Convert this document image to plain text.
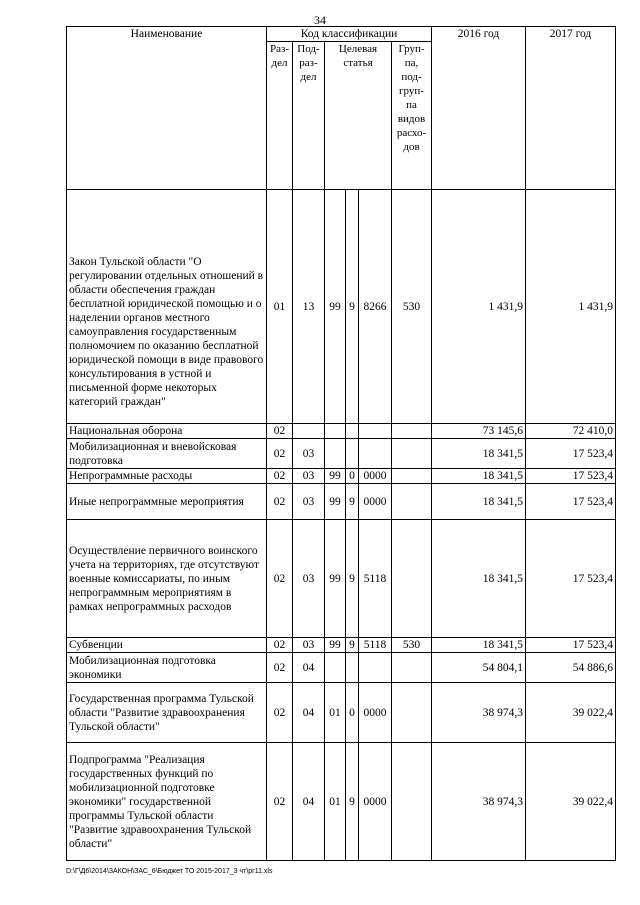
34
Наименование	Код классификации						2016 год	2017 год
	Раз-дел	Под-раз-дел	Целевая статья			Груп-па, под-груп-па видов расхо-дов		
Закон Тульской области "О регулировании отдельных отношений в области обеспечения граждан бесплатной юридической помощью и о наделении органов местного самоуправления государственным полномочием по оказанию бесплатной юридической помощи в виде правового консультирования в устной и письменной форме некоторых категорий граждан"	01	13	99	9	8266	530	1 431,9	1 431,9
Национальная оборона	02						73 145,6	72 410,0
Мобилизационная и вневойсковая подготовка	02	03					18 341,5	17 523,4
Непрограммные расходы	02	03	99	0	0000		18 341,5	17 523,4
Иные непрограммные мероприятия	02	03	99	9	0000		18 341,5	17 523,4
Осуществление первичного воинского учета на территориях, где отсутствуют военные комиссариаты, по иным непрограммным мероприятиям в рамках непрограммных расходов	02	03	99	9	5118		18 341,5	17 523,4
Субвенции	02	03	99	9	5118	530	18 341,5	17 523,4
Мобилизационная подготовка экономики	02	04					54 804,1	54 886,6
Государственная программа Тульской области "Развитие здравоохранения Тульской области"	02	04	01	0	0000		38 974,3	39 022,4
Подпрограмма "Реализация государственных функций по мобилизационной подготовке экономики" государственной программы Тульской области "Развитие здравоохранения Тульской области"	02	04	01	9	0000		38 974,3	39 022,4
D:\Г\Д6\2014\ЗАКОН\ЗАС_6\Бюджет ТО 2015-2017_3 чт\рг11.xls
